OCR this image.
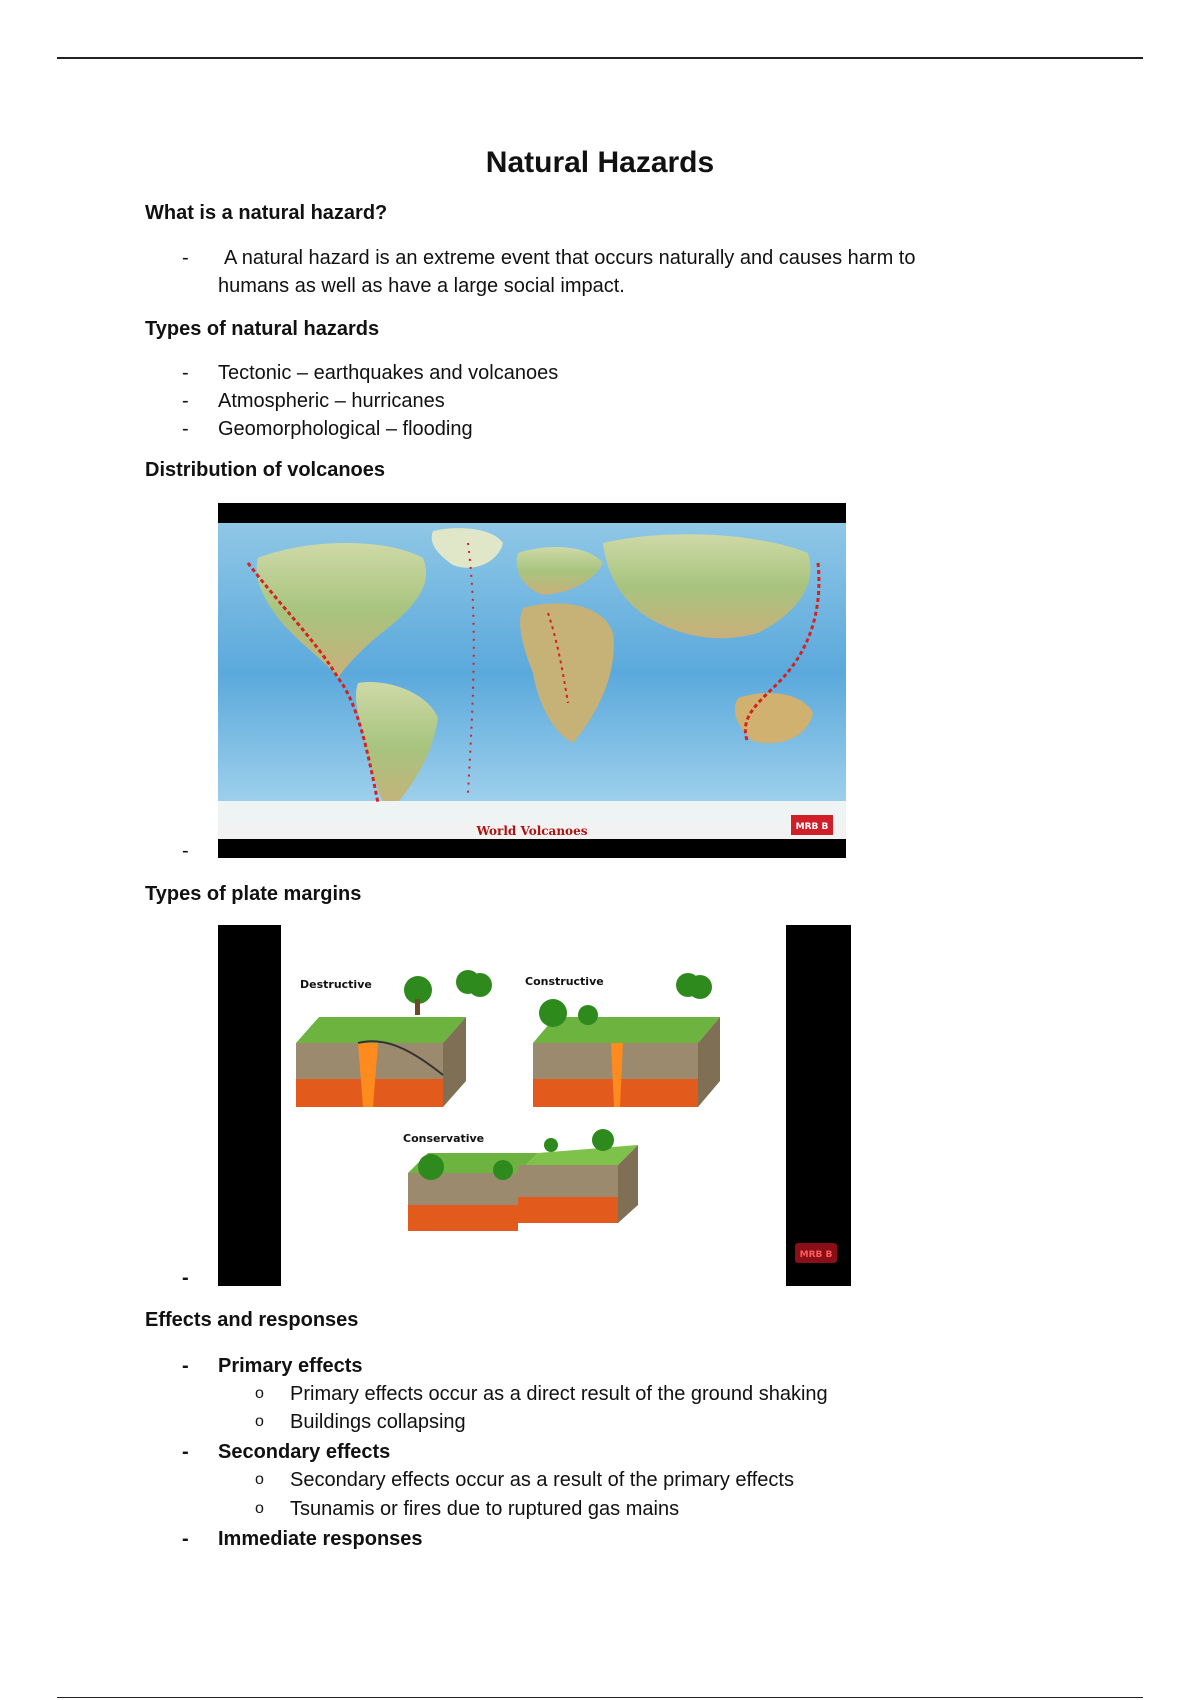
Natural Hazards
What is a natural hazard?
- A natural hazard is an extreme event that occurs naturally and causes harm to
humans as well as have a large social impact.
Types of natural hazards
- Tectonic – earthquakes and volcanoes
- Atmospheric – hurricanes
- Geomorphological – flooding
Distribution of volcanoes
World Volcanoes	MRB B
-
Types of plate margins
Destructive	Constructive
Conservative
MRB B
-
Effects and responses
- Primary effects
o Primary effects occur as a direct result of the ground shaking
o Buildings collapsing
- Secondary effects
o Secondary effects occur as a result of the primary effects
o Tsunamis or fires due to ruptured gas mains
- Immediate responses
